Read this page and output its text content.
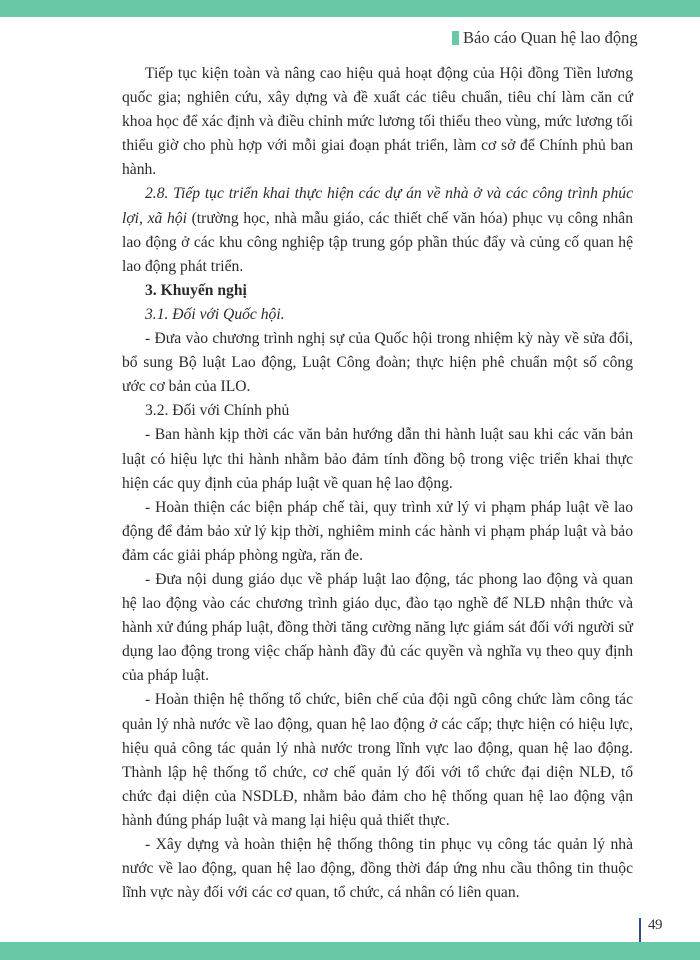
Báo cáo Quan hệ lao động

Tiếp tục kiện toàn và nâng cao hiệu quả hoạt động của Hội đồng Tiền lương quốc gia; nghiên cứu, xây dựng và đề xuất các tiêu chuẩn, tiêu chí làm căn cứ khoa học để xác định và điều chỉnh mức lương tối thiểu theo vùng, mức lương tối thiểu giờ cho phù hợp với mỗi giai đoạn phát triển, làm cơ sở để Chính phủ ban hành.

2.8. Tiếp tục triển khai thực hiện các dự án về nhà ở và các công trình phúc lợi, xã hội (trường học, nhà mẫu giáo, các thiết chế văn hóa) phục vụ công nhân lao động ở các khu công nghiệp tập trung góp phần thúc đẩy và củng cố quan hệ lao động phát triển.

3. Khuyến nghị

3.1. Đối với Quốc hội.

- Đưa vào chương trình nghị sự của Quốc hội trong nhiệm kỳ này về sửa đổi, bổ sung Bộ luật Lao động, Luật Công đoàn; thực hiện phê chuẩn một số công ước cơ bản của ILO.

3.2. Đối với Chính phủ

- Ban hành kịp thời các văn bản hướng dẫn thi hành luật sau khi các văn bản luật có hiệu lực thi hành nhằm bảo đảm tính đồng bộ trong việc triển khai thực hiện các quy định của pháp luật về quan hệ lao động.

- Hoàn thiện các biện pháp chế tài, quy trình xử lý vi phạm pháp luật về lao động để đảm bảo xử lý kịp thời, nghiêm minh các hành vi phạm pháp luật và bảo đảm các giải pháp phòng ngừa, răn đe.

- Đưa nội dung giáo dục về pháp luật lao động, tác phong lao động và quan hệ lao động vào các chương trình giáo dục, đào tạo nghề để NLĐ nhận thức và hành xử đúng pháp luật, đồng thời tăng cường năng lực giám sát đối với người sử dụng lao động trong việc chấp hành đầy đủ các quyền và nghĩa vụ theo quy định của pháp luật.

- Hoàn thiện hệ thống tổ chức, biên chế của đội ngũ công chức làm công tác quản lý nhà nước về lao động, quan hệ lao động ở các cấp; thực hiện có hiệu lực, hiệu quả công tác quản lý nhà nước trong lĩnh vực lao động, quan hệ lao động. Thành lập hệ thống tổ chức, cơ chế quản lý đối với tổ chức đại diện NLĐ, tổ chức đại diện của NSDLĐ, nhằm bảo đảm cho hệ thống quan hệ lao động vận hành đúng pháp luật và mang lại hiệu quả thiết thực.

- Xây dựng và hoàn thiện hệ thống thông tin phục vụ công tác quản lý nhà nước về lao động, quan hệ lao động, đồng thời đáp ứng nhu cầu thông tin thuộc lĩnh vực này đối với các cơ quan, tổ chức, cá nhân có liên quan.

49
